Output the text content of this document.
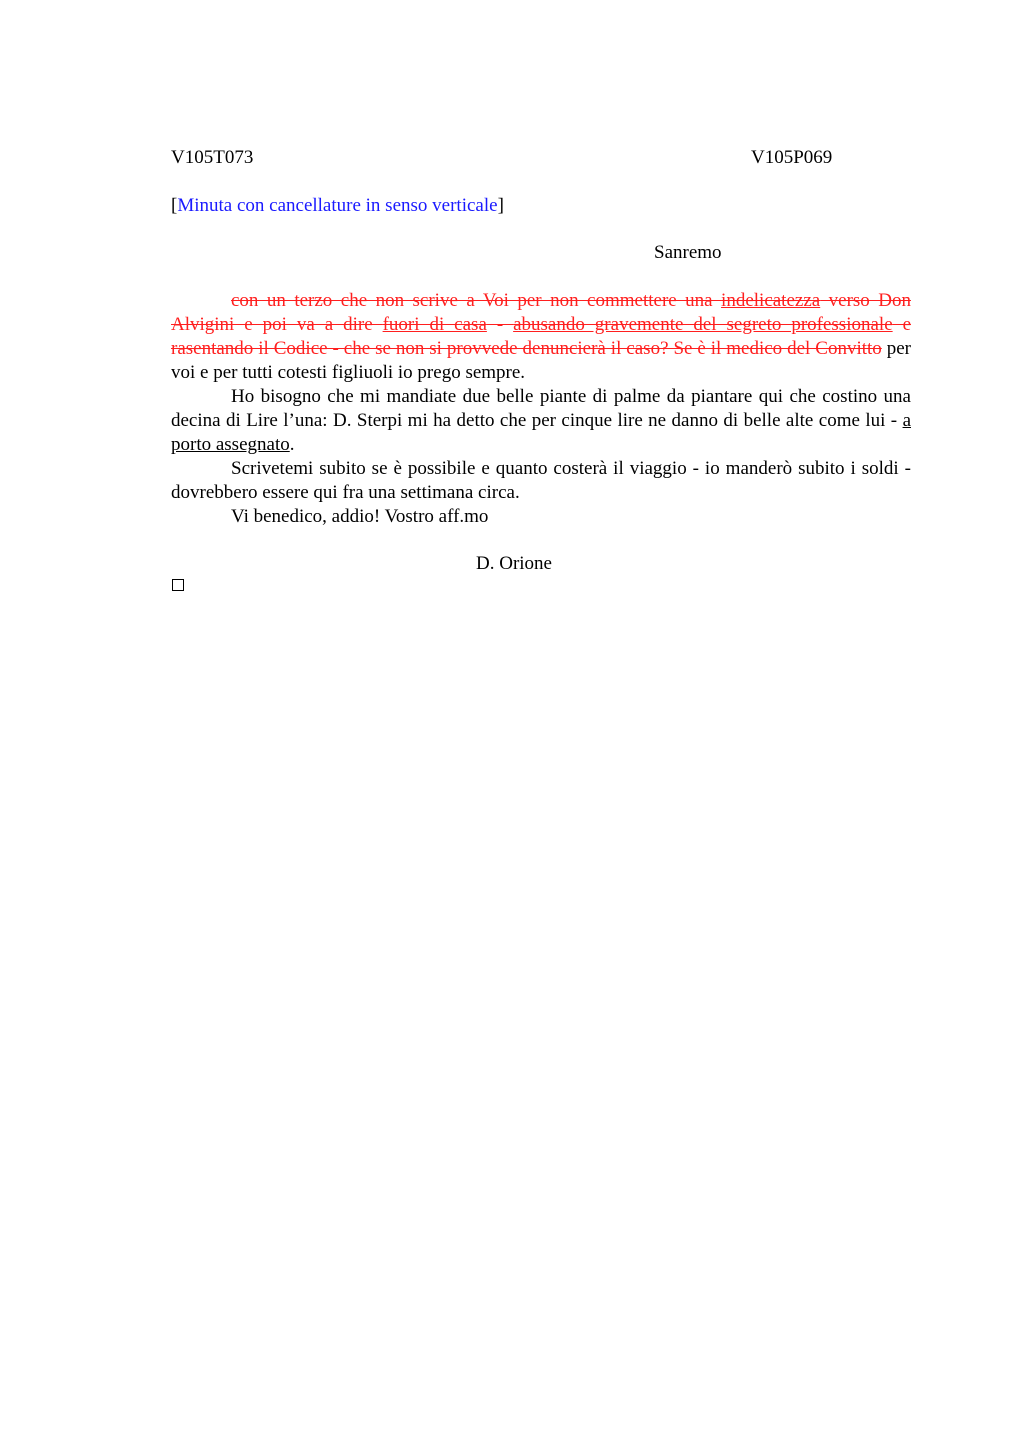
V105T073	V105P069
[Minuta con cancellature in senso verticale]
Sanremo

con un terzo che non scrive a Voi per non commettere una indelicatezza verso Don Alvigini e poi va a dire fuori di casa - abusando gravemente del segreto professionale e rasentando il Codice - che se non si provvede denuncierà il caso? Se è il medico del Convitto per voi e per tutti cotesti figliuoli io prego sempre.

Ho bisogno che mi mandiate due belle piante di palme da piantare qui che costino una decina di Lire l’una: D. Sterpi mi ha detto che per cinque lire ne danno di belle alte come lui - a porto assegnato.

Scrivetemi subito se è possibile e quanto costerà il viaggio - io manderò subito i soldi - dovrebbero essere qui fra una settimana circa.

Vi benedico, addio! Vostro aff.mo

D. Orione
